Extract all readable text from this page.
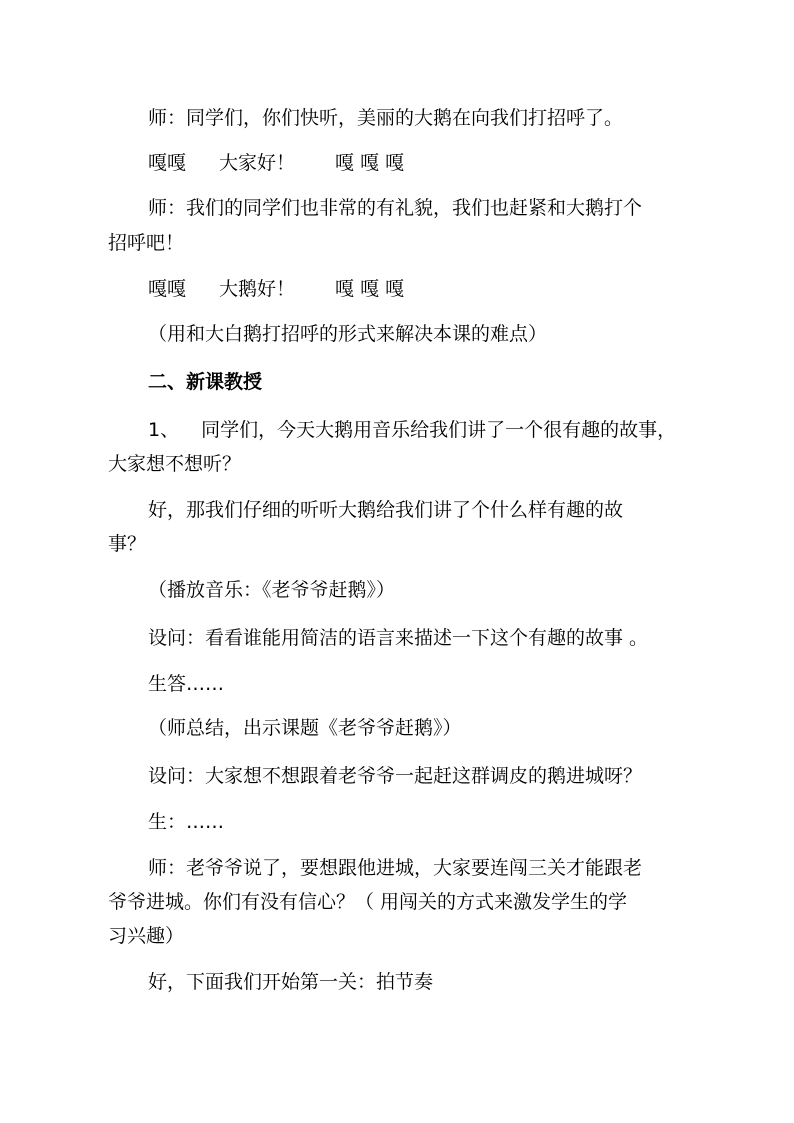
师：同学们，你们快听，美丽的大鹅在向我们打招呼了。
嘎嘎 大家好！ 嘎 嘎 嘎
师：我们的同学们也非常的有礼貌，我们也赶紧和大鹅打个
招呼吧！
嘎嘎 大鹅好！ 嘎 嘎 嘎
（用和大白鹅打招呼的形式来解决本课的难点）
二、新课教授
1、 同学们，今天大鹅用音乐给我们讲了一个很有趣的故事，
大家想不想听？
好，那我们仔细的听听大鹅给我们讲了个什么样有趣的故
事？
（播放音乐：《老爷爷赶鹅》）
设问：看看谁能用简洁的语言来描述一下这个有趣的故事 。
生答……
（师总结，出示课题《老爷爷赶鹅》）
设问：大家想不想跟着老爷爷一起赶这群调皮的鹅进城呀？
生：……
师：老爷爷说了，要想跟他进城，大家要连闯三关才能跟老
爷爷进城。你们有没有信心？（ 用闯关的方式来激发学生的学
习兴趣）
好，下面我们开始第一关：拍节奏
